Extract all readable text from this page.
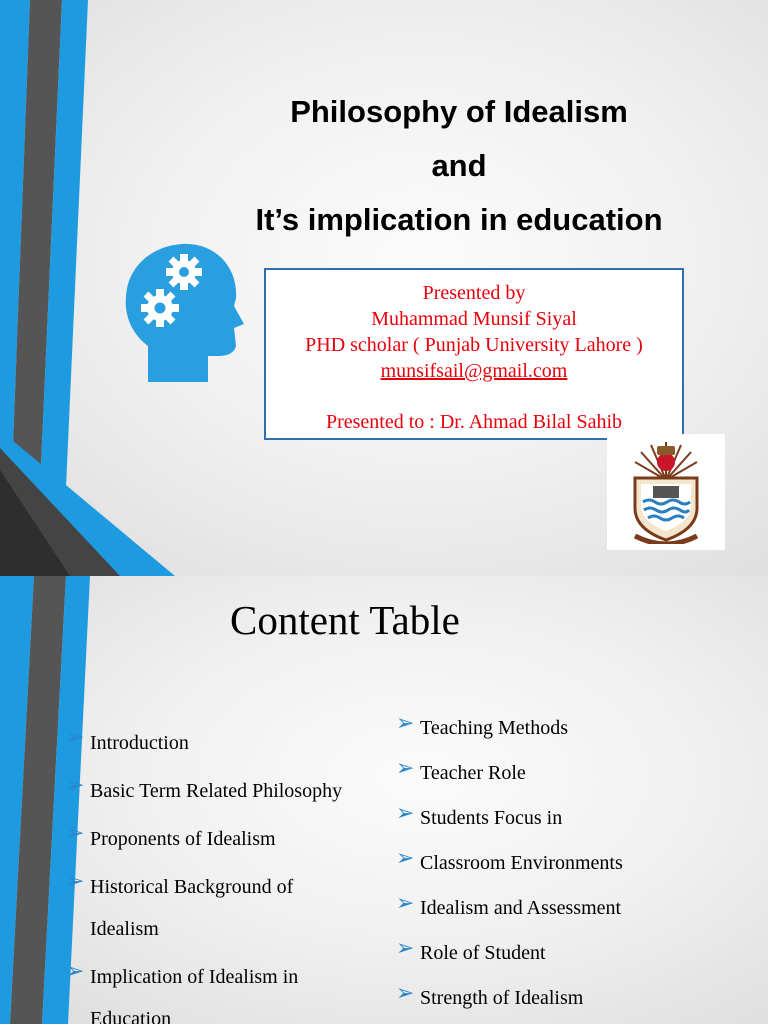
Philosophy of Idealism
and
It’s implication in education
Presented by
Muhammad Munsif Siyal
PHD scholar ( Punjab University Lahore )
munsifsail@gmail.com
Presented to : Dr. Ahmad Bilal Sahib
Content Table
➢ Introduction
➢ Basic Term Related Philosophy
➢ Proponents of Idealism
➢ Historical Background of
Idealism
➢ Implication of Idealism in
Education
➢ Teaching Methods
➢ Teacher Role
➢ Students Focus in
➢ Classroom Environments
➢ Idealism and Assessment
➢ Role of Student
➢ Strength of Idealism
